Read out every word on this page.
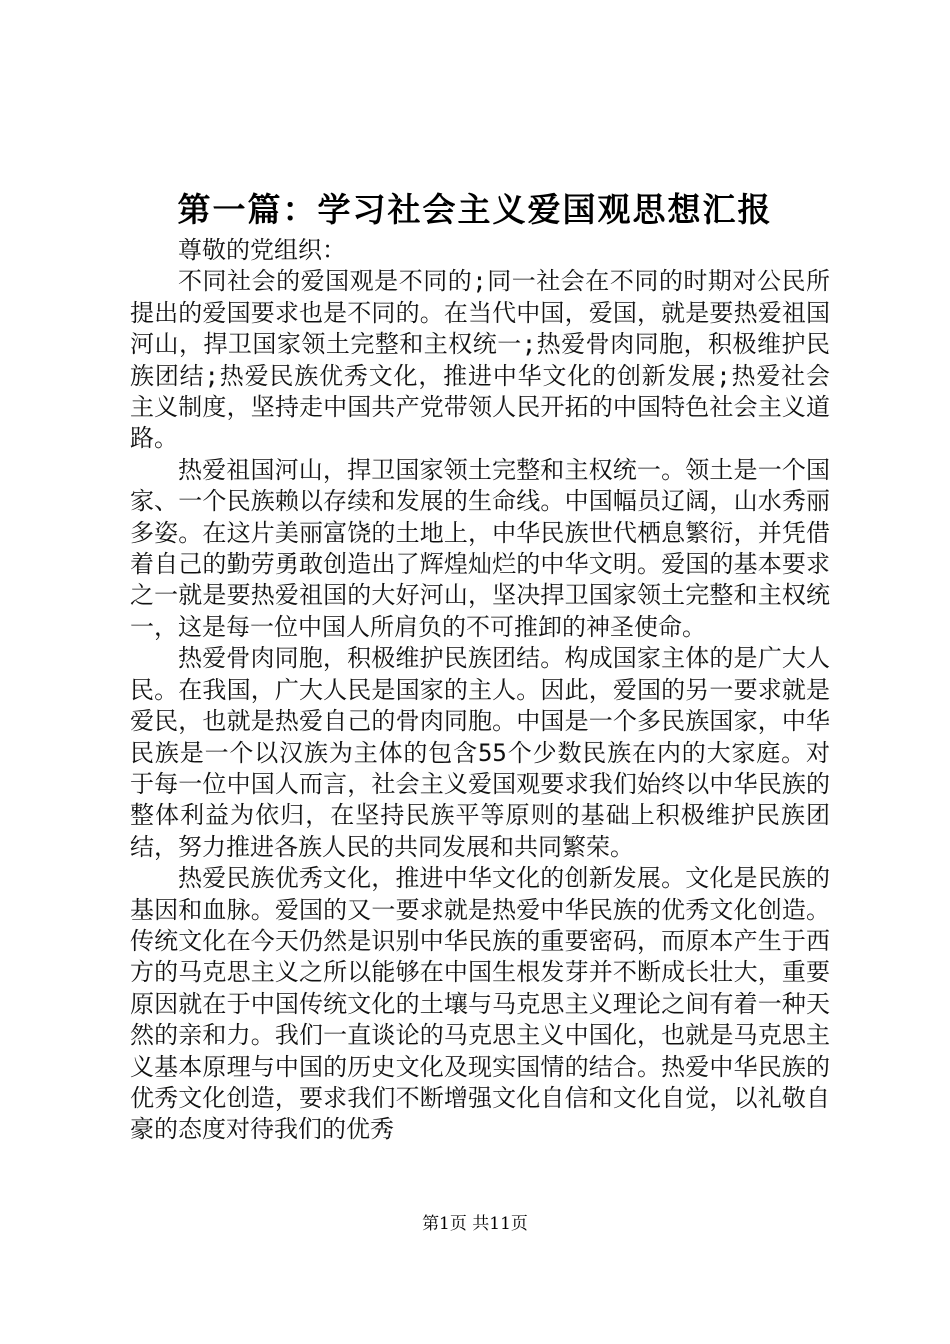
第一篇：学习社会主义爱国观思想汇报

尊敬的党组织：

不同社会的爱国观是不同的;同一社会在不同的时期对公民所提出的爱国要求也是不同的。在当代中国，爱国，就是要热爱祖国河山，捍卫国家领土完整和主权统一;热爱骨肉同胞，积极维护民族团结;热爱民族优秀文化，推进中华文化的创新发展;热爱社会主义制度，坚持走中国共产党带领人民开拓的中国特色社会主义道路。

热爱祖国河山，捍卫国家领土完整和主权统一。领土是一个国家、一个民族赖以存续和发展的生命线。中国幅员辽阔，山水秀丽多姿。在这片美丽富饶的土地上，中华民族世代栖息繁衍，并凭借着自己的勤劳勇敢创造出了辉煌灿烂的中华文明。爱国的基本要求之一就是要热爱祖国的大好河山，坚决捍卫国家领土完整和主权统一，这是每一位中国人所肩负的不可推卸的神圣使命。

热爱骨肉同胞，积极维护民族团结。构成国家主体的是广大人民。在我国，广大人民是国家的主人。因此，爱国的另一要求就是爱民，也就是热爱自己的骨肉同胞。中国是一个多民族国家，中华民族是一个以汉族为主体的包含55个少数民族在内的大家庭。对于每一位中国人而言，社会主义爱国观要求我们始终以中华民族的整体利益为依归，在坚持民族平等原则的基础上积极维护民族团结，努力推进各族人民的共同发展和共同繁荣。

热爱民族优秀文化，推进中华文化的创新发展。文化是民族的基因和血脉。爱国的又一要求就是热爱中华民族的优秀文化创造。传统文化在今天仍然是识别中华民族的重要密码，而原本产生于西方的马克思主义之所以能够在中国生根发芽并不断成长壮大，重要原因就在于中国传统文化的土壤与马克思主义理论之间有着一种天然的亲和力。我们一直谈论的马克思主义中国化，也就是马克思主义基本原理与中国的历史文化及现实国情的结合。热爱中华民族的优秀文化创造，要求我们不断增强文化自信和文化自觉，以礼敬自豪的态度对待我们的优秀

第1页 共11页
